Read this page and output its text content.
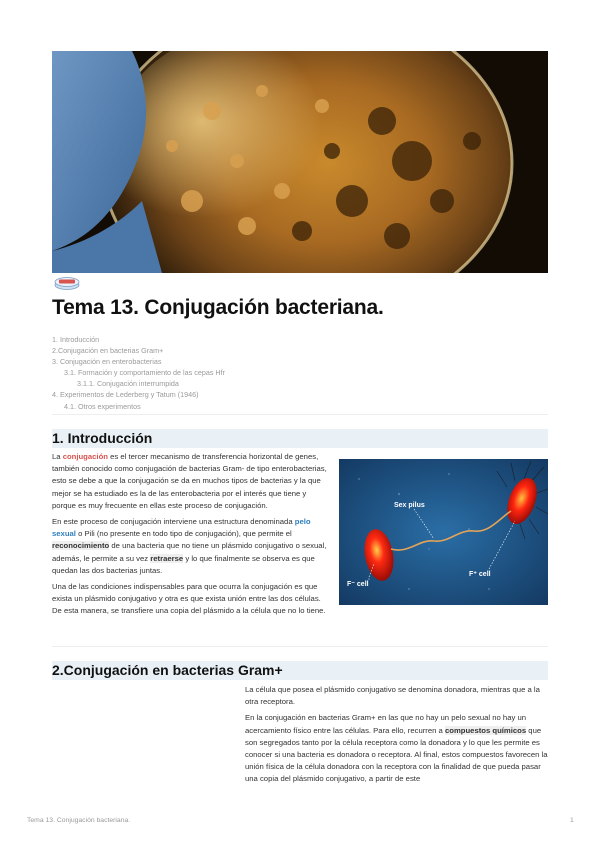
Tema 13. Conjugación bacteriana.
1. Introducción
2.Conjugación en bacterias Gram+
3. Conjugación en enterobacterias
3.1. Formación y comportamiento de las cepas Hfr
3.1.1. Conjugación interrumpida
4. Experimentos de Lederberg y Tatum (1946)
4.1. Otros experimentos
1. Introducción

La conjugación es el tercer mecanismo de transferencia horizontal de genes, también conocido como conjugación de bacterias Gram- de tipo enterobacterias, esto se debe a que la conjugación se da en muchos tipos de bacterias y la que mejor se ha estudiado es la de las enterobacteria por el interés que tiene y porque es muy frecuente en ellas este proceso de conjugación.

En este proceso de conjugación interviene una estructura denominada pelo sexual o Pili (no presente en todo tipo de conjugación), que permite el reconocimiento de una bacteria que no tiene un plásmido conjugativo o sexual, además, le permite a su vez retraerse y lo que finalmente se observa es que quedan las dos bacterias juntas.

Una de las condiciones indispensables para que ocurra la conjugación es que exista un plásmido conjugativo y otra es que exista unión entre las dos células. De esta manera, se transfiere una copia del plásmido a la célula que no lo tiene.

Sex pilus
F⁻ cell
F⁺ cell
2.Conjugación en bacterias Gram+

La célula que posea el plásmido conjugativo se denomina donadora, mientras que a la otra receptora.

En la conjugación en bacterias Gram+ en las que no hay un pelo sexual no hay un acercamiento físico entre las células. Para ello, recurren a compuestos químicos que son segregados tanto por la célula receptora como la donadora y lo que les permite es conocer si una bacteria es donadora o receptora. Al final, estos compuestos favorecen la unión física de la célula donadora con la receptora con la finalidad de que pueda pasar una copia del plásmido conjugativo, a partir de este

Tema 13. Conjugación bacteriana.	1
